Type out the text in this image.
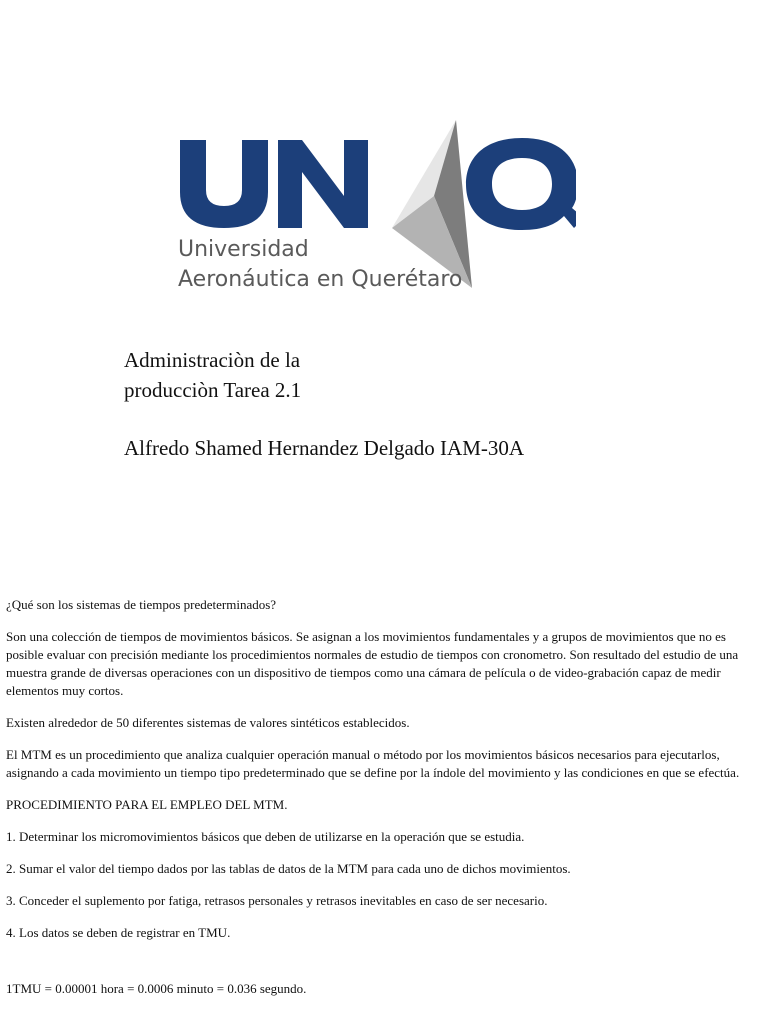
Universidad
Aeronáutica en Querétaro
Administraciòn de la
producciòn Tarea 2.1
Alfredo Shamed Hernandez Delgado IAM-30A

¿Qué son los sistemas de tiempos predeterminados?

Son una colección de tiempos de movimientos básicos. Se asignan a los movimientos fundamentales y a grupos de movimientos que no es posible evaluar con precisión mediante los procedimientos normales de estudio de tiempos con cronometro. Son resultado del estudio de una muestra grande de diversas operaciones con un dispositivo de tiempos como una cámara de película o de video-grabación capaz de medir elementos muy cortos.

Existen alrededor de 50 diferentes sistemas de valores sintéticos establecidos.

El MTM es un procedimiento que analiza cualquier operación manual o método por los movimientos básicos necesarios para ejecutarlos, asignando a cada movimiento un tiempo tipo predeterminado que se define por la índole del movimiento y las condiciones en que se efectúa.

PROCEDIMIENTO PARA EL EMPLEO DEL MTM.

1. Determinar los micromovimientos básicos que deben de utilizarse en la operación que se estudia.

2. Sumar el valor del tiempo dados por las tablas de datos de la MTM para cada uno de dichos movimientos.

3. Conceder el suplemento por fatiga, retrasos personales y retrasos inevitables en caso de ser necesario.

4. Los datos se deben de registrar en TMU.

1TMU = 0.00001 hora = 0.0006 minuto = 0.036 segundo.
